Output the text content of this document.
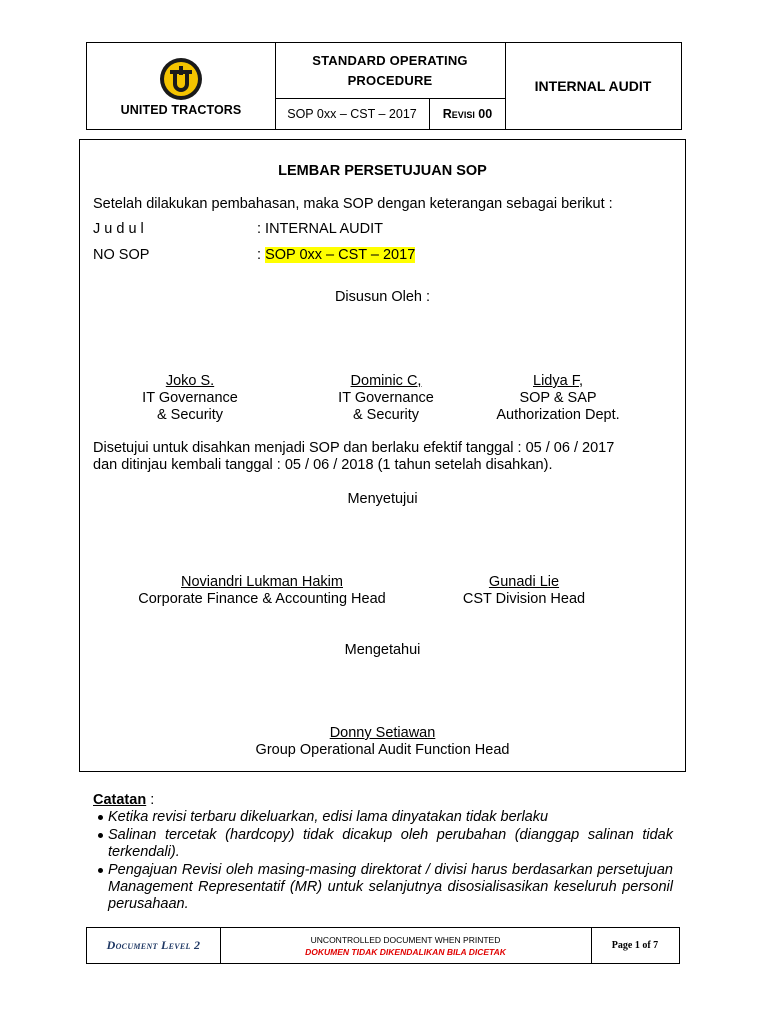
UNITED TRACTORS
STANDARD OPERATING
PROCEDURE
SOP 0xx – CST – 2017	Revisi 00
INTERNAL AUDIT
LEMBAR PERSETUJUAN SOP
Setelah dilakukan pembahasan, maka SOP dengan keterangan sebagai berikut :
J u d u l	: INTERNAL AUDIT
NO SOP	: SOP 0xx – CST – 2017
Disusun Oleh :
Joko S.
IT Governance
& Security
Dominic C,
IT Governance
& Security
Lidya F,
SOP & SAP
Authorization Dept.
Disetujui untuk disahkan menjadi SOP dan berlaku efektif tanggal : 05 / 06 / 2017
dan ditinjau kembali tanggal : 05 / 06 / 2018 (1 tahun setelah disahkan).
Menyetujui
Noviandri Lukman Hakim
Corporate Finance & Accounting Head
Gunadi Lie
CST Division Head
Mengetahui
Donny Setiawan
Group Operational Audit Function Head
Catatan :
Ketika revisi terbaru dikeluarkan, edisi lama dinyatakan tidak berlaku
Salinan tercetak (hardcopy) tidak dicakup oleh perubahan (dianggap salinan tidak terkendali).
Pengajuan Revisi oleh masing-masing direktorat / divisi harus berdasarkan persetujuan Management Representatif (MR) untuk selanjutnya disosialisasikan keseluruh personil perusahaan.
Document Level 2	UNCONTROLLED DOCUMENT WHEN PRINTED
DOKUMEN TIDAK DIKENDALIKAN BILA DICETAK
Page 1 of 7
